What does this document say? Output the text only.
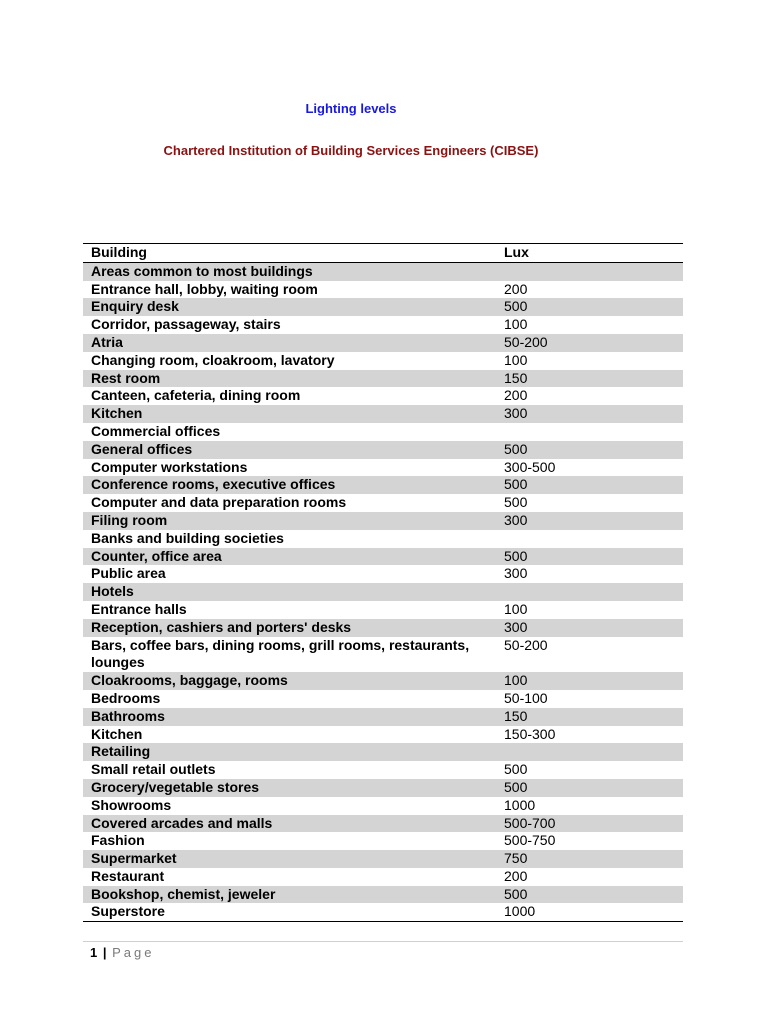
Lighting levels
Chartered Institution of Building Services Engineers (CIBSE)
Building	Lux
Areas common to most buildings	
Entrance hall, lobby, waiting room	200
Enquiry desk	500
Corridor, passageway, stairs	100
Atria	50-200
Changing room, cloakroom, lavatory	100
Rest room	150
Canteen, cafeteria, dining room	200
Kitchen	300
Commercial offices	
General offices	500
Computer workstations	300-500
Conference rooms, executive offices	500
Computer and data preparation rooms	500
Filing room	300
Banks and building societies	
Counter, office area	500
Public area	300
Hotels	
Entrance halls	100
Reception, cashiers and porters' desks	300
Bars, coffee bars, dining rooms, grill rooms, restaurants, lounges	50-200
Cloakrooms, baggage, rooms	100
Bedrooms	50-100
Bathrooms	150
Kitchen	150-300
Retailing	
Small retail outlets	500
Grocery/vegetable stores	500
Showrooms	1000
Covered arcades and malls	500-700
Fashion	500-750
Supermarket	750
Restaurant	200
Bookshop, chemist, jeweler	500
Superstore	1000
1 | Page
